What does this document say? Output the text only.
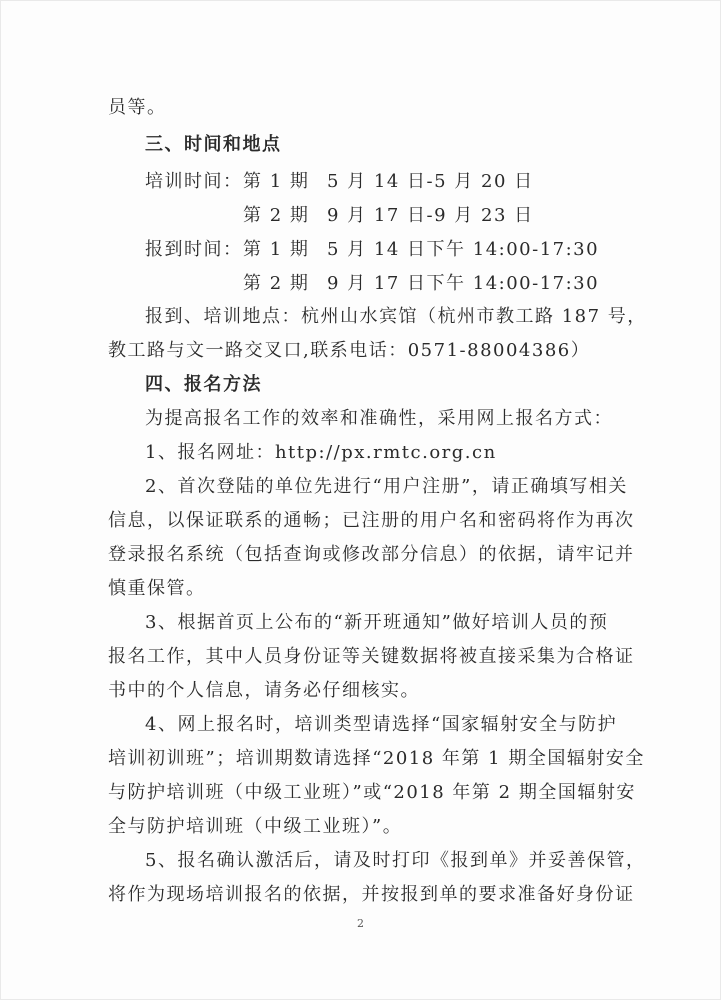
员等。
三、时间和地点
培训时间：第 1 期 5 月 14 日-5 月 20 日
第 2 期 9 月 17 日-9 月 23 日
报到时间：第 1 期 5 月 14 日下午 14:00-17:30
第 2 期 9 月 17 日下午 14:00-17:30
报到、培训地点：杭州山水宾馆（杭州市教工路 187 号，
教工路与文一路交叉口,联系电话：0571-88004386）
四、报名方法
为提高报名工作的效率和准确性，采用网上报名方式：
1、报名网址：http://px.rmtc.org.cn
2、首次登陆的单位先进行“用户注册”，请正确填写相关
信息，以保证联系的通畅；已注册的用户名和密码将作为再次
登录报名系统（包括查询或修改部分信息）的依据，请牢记并
慎重保管。
3、根据首页上公布的“新开班通知”做好培训人员的预
报名工作，其中人员身份证等关键数据将被直接采集为合格证
书中的个人信息，请务必仔细核实。
4、网上报名时，培训类型请选择“国家辐射安全与防护
培训初训班”；培训期数请选择“2018 年第 1 期全国辐射安全
与防护培训班（中级工业班）”或“2018 年第 2 期全国辐射安
全与防护培训班（中级工业班）”。
5、报名确认激活后，请及时打印《报到单》并妥善保管，
将作为现场培训报名的依据，并按报到单的要求准备好身份证
2
